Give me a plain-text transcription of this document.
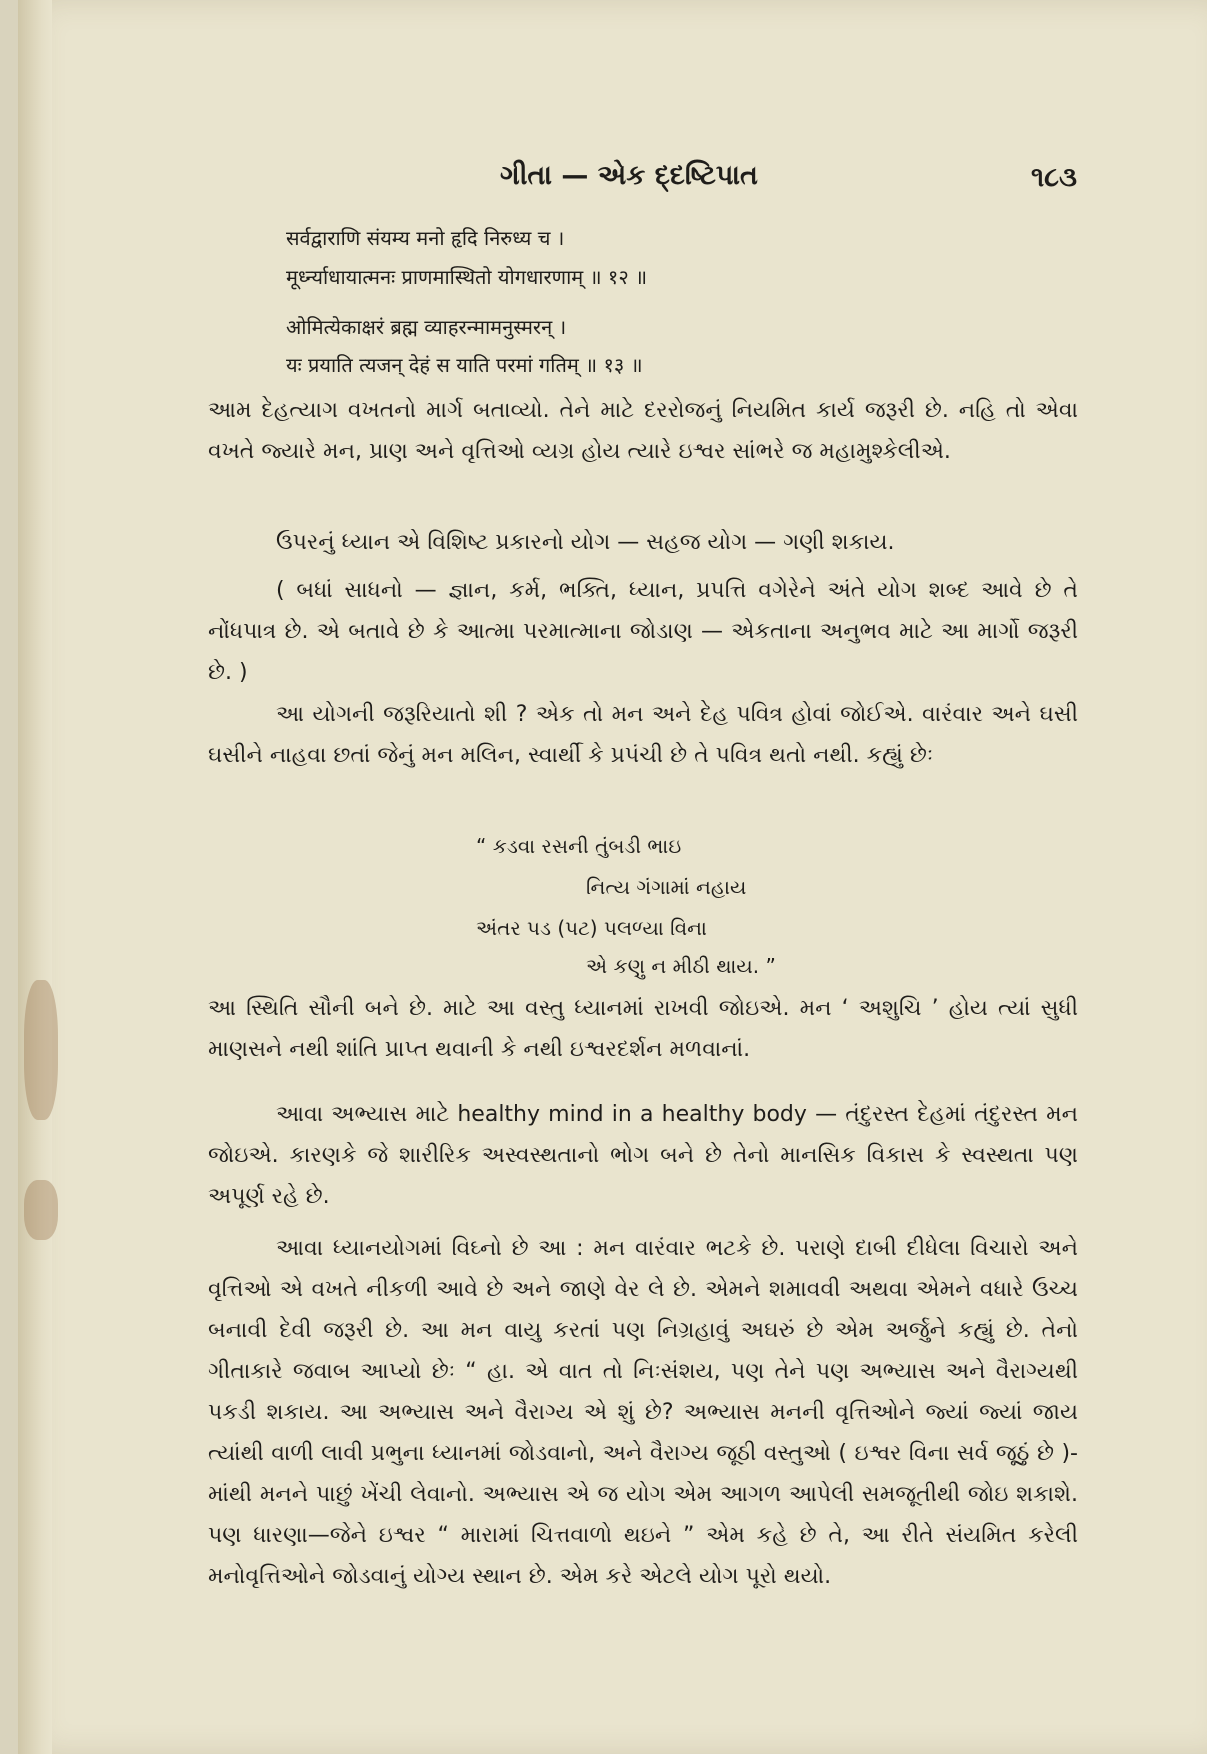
ગીતા — એક દ્દષ્ટિપાત	૧૮૩
सर्वद्वाराणि संयम्य मनो हृदि निरुध्य च ।
मूर्ध्न्याधायात्मनः प्राणमास्थितो योगधारणाम् ॥ १२ ॥
ओमित्येकाक्षरं ब्रह्म व्याहरन्मामनुस्मरन् ।
यः प्रयाति त्यजन् देहं स याति परमां गतिम् ॥ १३ ॥

આમ દેહત્યાગ વખતનો માર્ગ બતાવ્યો. તેને માટે દરરોજનું નિયમિત કાર્ય જરૂરી છે. નહિ તો એવા વખતે જ્યારે મન, પ્રાણ અને વૃત્તિઓ વ્યગ્ર હોય ત્યારે ઇશ્વર સાંભરે જ મહામુશ્કેલીએ.

ઉપરનું ધ્યાન એ વિશિષ્ટ પ્રકારનો યોગ — સહજ યોગ — ગણી શકાય.

( બધાં સાધનો — જ્ઞાન, કર્મ, ભક્તિ, ધ્યાન, પ્રપત્તિ વગેરેને અંતે યોગ શબ્દ આવે છે તે નોંધપાત્ર છે. એ બતાવે છે કે આત્મા પરમાત્માના જોડાણ — એકતાના અનુભવ માટે આ માર્ગો જરૂરી છે. )

આ યોગની જરૂરિયાતો શી ? એક તો મન અને દેહ પવિત્ર હોવાં જોઈએ. વારંવાર અને ઘસી ઘસીને નાહવા છતાં જેનું મન મલિન, સ્વાર્થી કે પ્રપંચી છે તે પવિત્ર થતો નથી. કહ્યું છેઃ

“ કડવા રસની તુંબડી ભાઇ
નિત્ય ગંગામાં નહાય
અંતર પડ (પટ) પલળ્યા વિના
એ કણુ ન મીઠી થાય. ”

આ સ્થિતિ સૌની બને છે. માટે આ વસ્તુ ધ્યાનમાં રાખવી જોઇએ. મન ‘ અશુચિ ’ હોય ત્યાં સુધી માણસને નથી શાંતિ પ્રાપ્ત થવાની કે નથી ઇશ્વરદર્શન મળવાનાં.

આવા અભ્યાસ માટે healthy mind in a healthy body — તંદુરસ્ત દેહમાં તંદુરસ્ત મન જોઇએ. કારણકે જે શારીરિક અસ્વસ્થતાનો ભોગ બને છે તેનો માનસિક વિકાસ કે સ્વસ્થતા પણ અપૂર્ણ રહે છે.

આવા ધ્યાનયોગમાં વિઘ્નો છે આ : મન વારંવાર ભટકે છે. પરાણે દાબી દીધેલા વિચારો અને વૃત્તિઓ એ વખતે નીકળી આવે છે અને જાણે વેર લે છે. એમને શમાવવી અથવા એમને વધારે ઉચ્ચ બનાવી દેવી જરૂરી છે. આ મન વાયુ કરતાં પણ નિગ્રહાવું અઘરું છે એમ અર્જુને કહ્યું છે. તેનો ગીતાકારે જવાબ આપ્યો છેઃ “ હા. એ વાત તો નિઃસંશય, પણ તેને પણ અભ્યાસ અને વૈરાગ્યથી પકડી શકાય. આ અભ્યાસ અને વૈરાગ્ય એ શું છે? અભ્યાસ મનની વૃત્તિઓને જ્યાં જ્યાં જાય ત્યાંથી વાળી લાવી પ્રભુના ધ્યાનમાં જોડવાનો, અને વૈરાગ્ય જૂઠી વસ્તુઓ ( ઇશ્વર વિના સર્વ જૂઠું છે )- માંથી મનને પાછું ખેંચી લેવાનો. અભ્યાસ એ જ યોગ એમ આગળ આપેલી સમજૂતીથી જોઇ શકાશે. પણ ધારણા—જેને ઇશ્વર “ મારામાં ચિત્તવાળો થઇને ” એમ કહે છે તે, આ રીતે સંયમિત કરેલી મનોવૃત્તિઓને જોડવાનું યોગ્ય સ્થાન છે. એમ કરે એટલે યોગ પૂરો થયો.
